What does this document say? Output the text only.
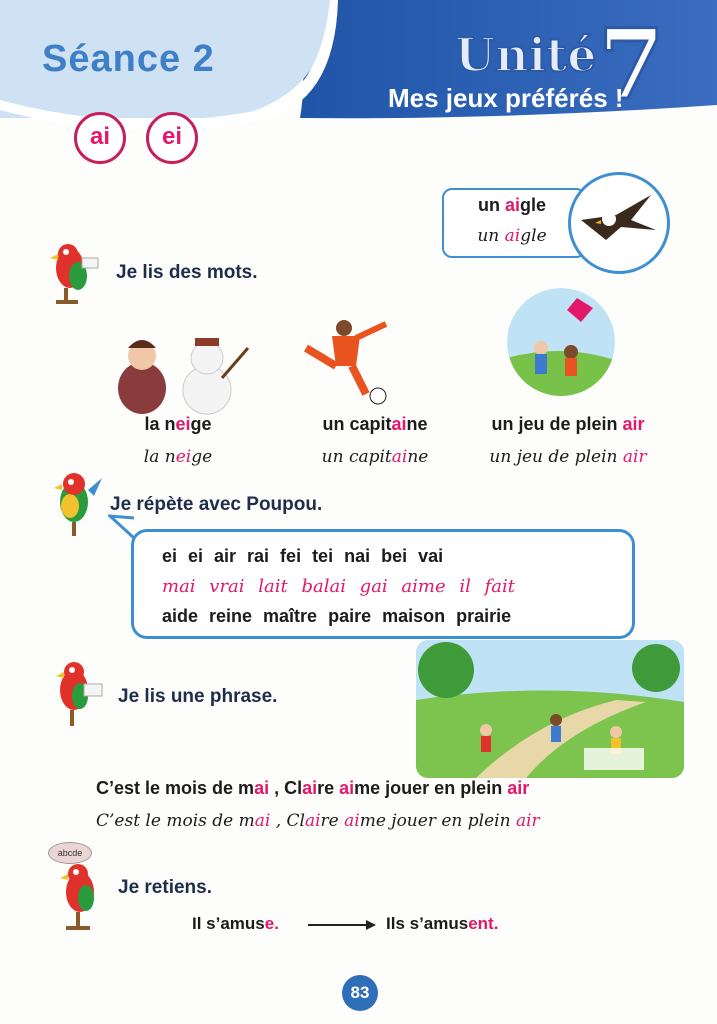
Séance 2	Unité 7
Mes jeux préférés !
ai	ei
un aigle
un aigle
Je lis des mots.
la neige
la neige
un capitaine
un capitaine
un jeu de plein air
un jeu de plein air
Je répète avec Poupou.
ei ei air rai fei tei nai bei vai
mai vrai lait balai gai aime il fait
aide reine maître paire maison prairie
Je lis une phrase.
C’est le mois de mai , Claire aime jouer en plein air
C’est le mois de mai , Claire aime jouer en plein air
abcde
Je retiens.
Il s’amuse.	Ils s’amusent.
83
